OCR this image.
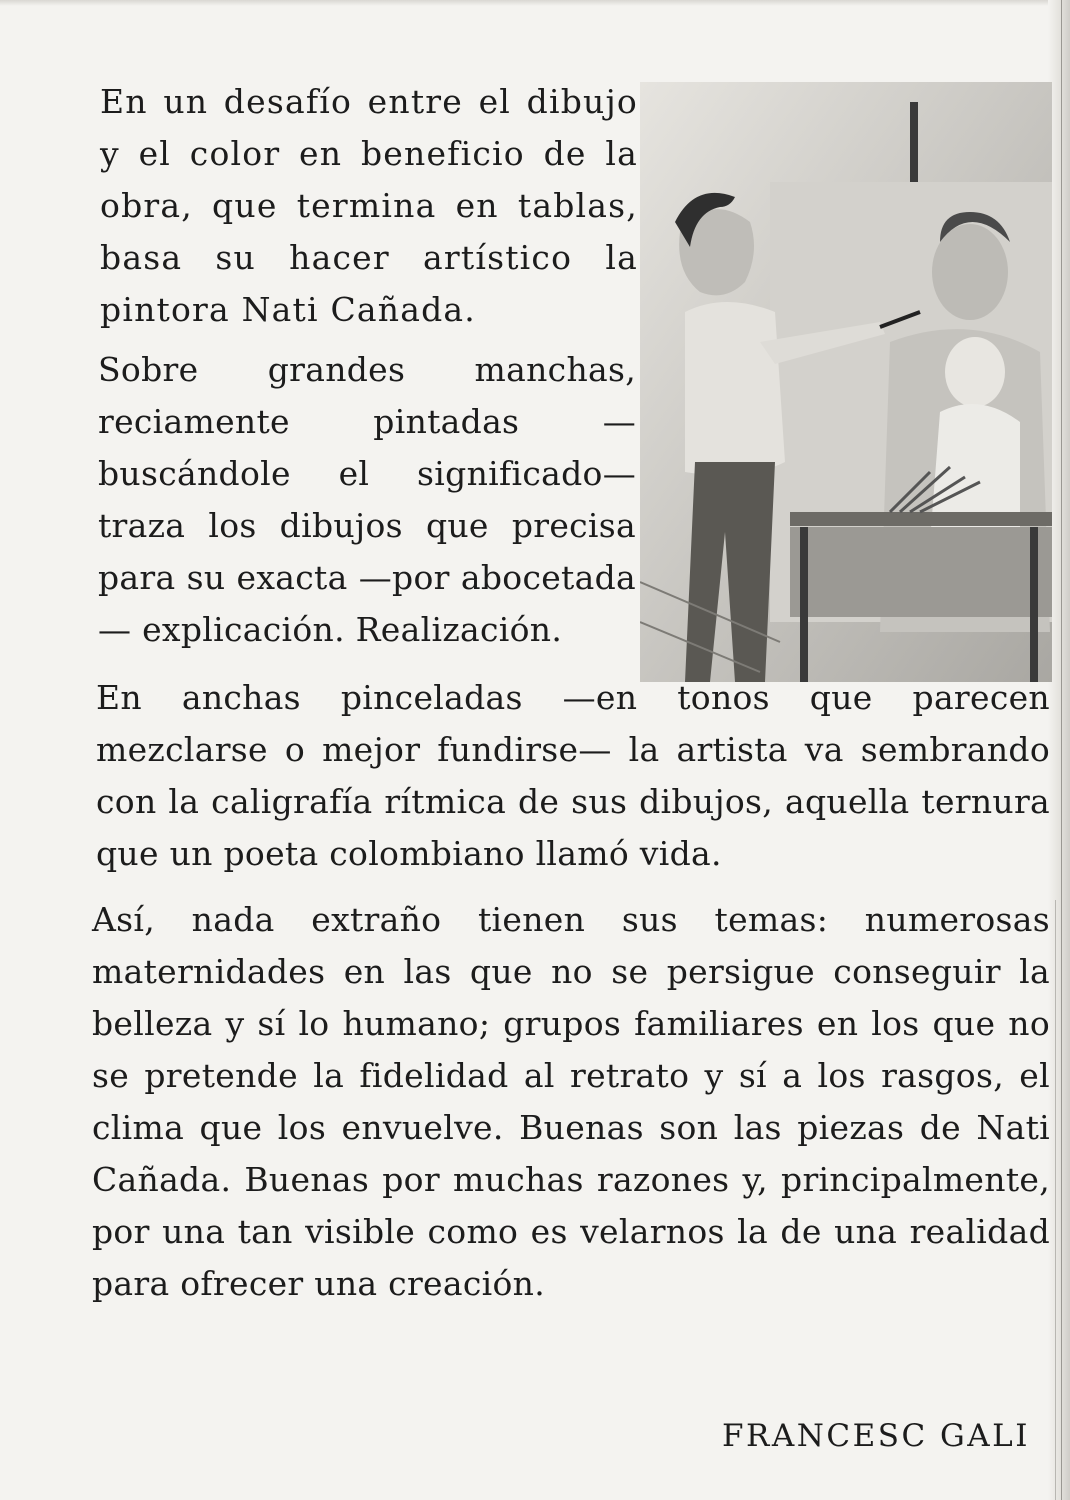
En un desafío entre el dibujo y el color en beneficio de la obra, que termina en tablas, basa su hacer artístico la pintora Nati Cañada.

Sobre grandes manchas, reciamente pintadas —buscándole el significado— traza los dibujos que precisa para su exacta —por abocetada— explicación. Realización.

En anchas pinceladas —en tonos que parecen mezclarse o mejor fundirse— la artista va sembrando con la caligrafía rítmica de sus dibujos, aquella ternura que un poeta colombiano llamó vida.

Así, nada extraño tienen sus temas: numerosas maternidades en las que no se persigue conseguir la belleza y sí lo humano; grupos familiares en los que no se pretende la fidelidad al retrato y sí a los rasgos, el clima que los envuelve. Buenas son las piezas de Nati Cañada. Buenas por muchas razones y, principalmente, por una tan visible como es velarnos la de una realidad para ofrecer una creación.

FRANCESC GALI
